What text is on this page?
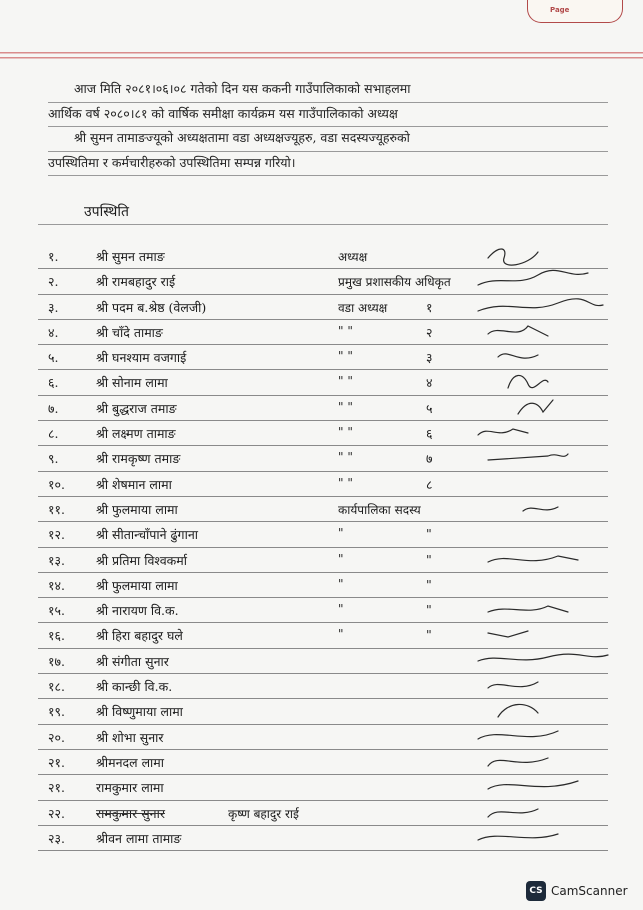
Page
आज मिति २०८१।०६।०८ गतेको दिन यस ककनी गाउँपालिकाको सभाहलमा
आर्थिक वर्ष २०८०।८१ को वार्षिक समीक्षा कार्यक्रम यस गाउँपालिकाको अध्यक्ष
श्री सुमन तामाङज्यूको अध्यक्षतामा वडा अध्यक्षज्यूहरु, वडा सदस्यज्यूहरुको
उपस्थितिमा र कर्मचारीहरुको उपस्थितिमा सम्पन्न गरियो।
उपस्थिति
१.	श्री सुमन तमाङ	अध्यक्ष
२.	श्री रामबहादुर राई	प्रमुख प्रशासकीय अधिकृत
३.	श्री पदम ब.श्रेष्ठ (वेलजी)	वडा अध्यक्ष	१
४.	श्री चाँदे तामाङ	" "	२
५.	श्री घनश्याम वजगाई	" "	३
६.	श्री सोनाम लामा	" "	४
७.	श्री बुद्धराज तमाङ	" "	५
८.	श्री लक्ष्मण तामाङ	" "	६
९.	श्री रामकृष्ण तमाङ	" "	७
१०. श्री शेषमान लामा	" "	८
११. श्री फुलमाया लामा	कार्यपालिका सदस्य
१२. श्री सीतान्चाँपाने ढुंगाना	"	"
१३. श्री प्रतिमा विश्वकर्मा	"	"
१४. श्री फुलमाया लामा	"	"
१५. श्री नारायण वि.क.	"	"
१६. श्री हिरा बहादुर घले	"	"
१७. श्री संगीता सुनार
१८. श्री कान्छी वि.क.
१९. श्री विष्णुमाया लामा
२०. श्री शोभा सुनार
२१. श्रीमनदल लामा
२१. रामकुमार लामा
२२. रामकुमार सुनार	कृष्ण बहादुर राई
२३. श्रीवन लामा तामाङ
CS CamScanner
